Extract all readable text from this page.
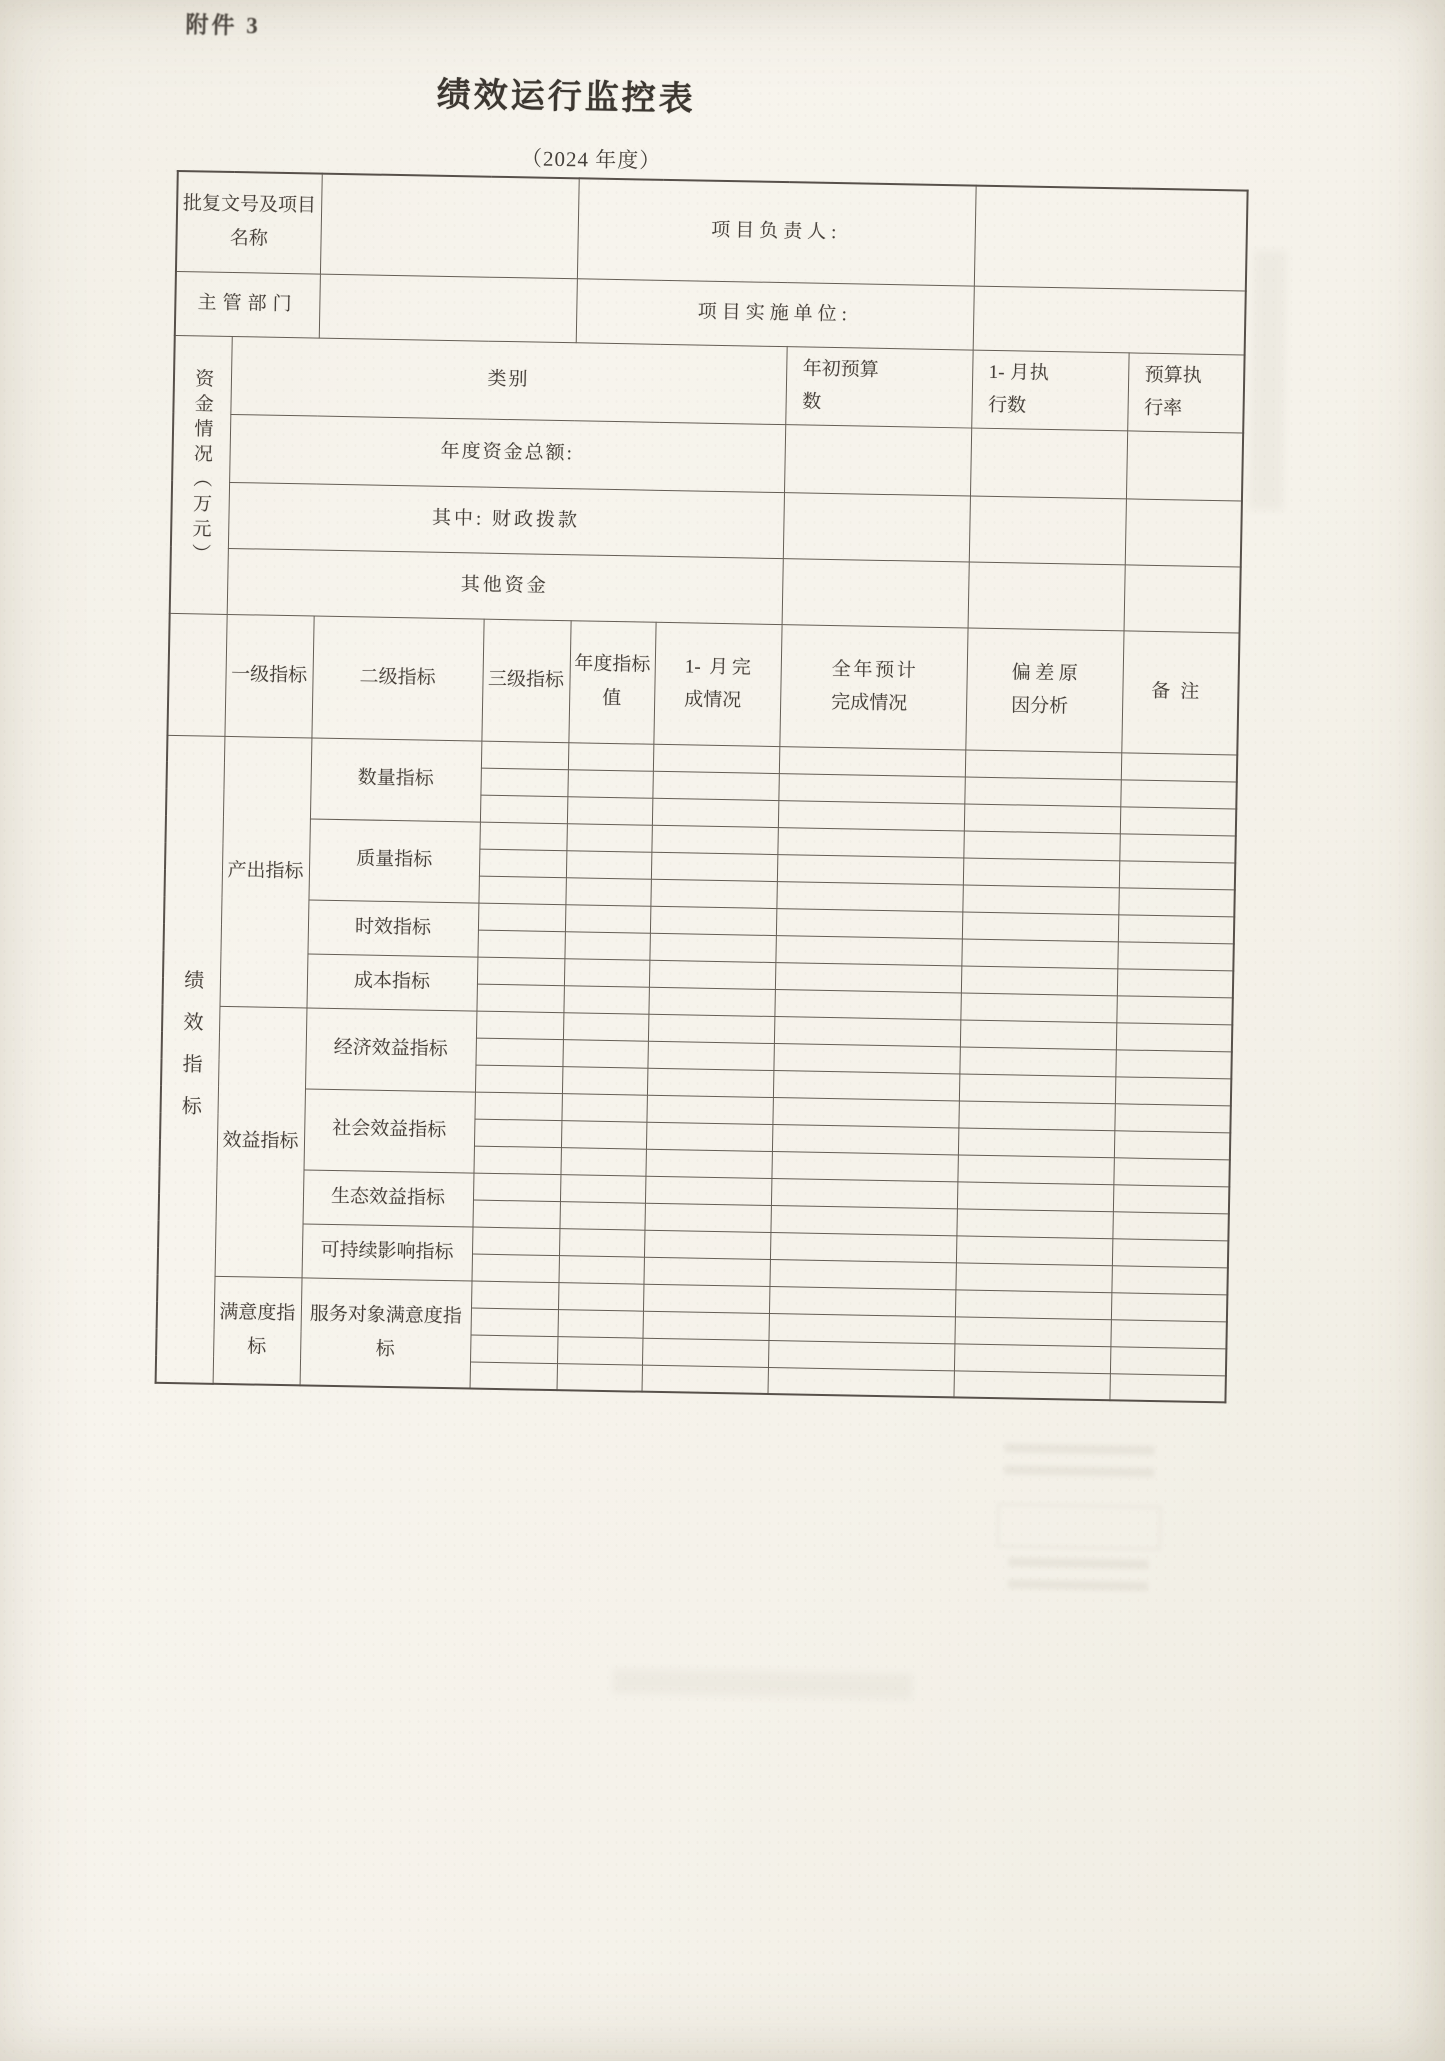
附件 3
绩效运行监控表
（2024 年度）
批复文号及项目名称				项目负责人:				
主管部门				项目实施单位:				
资金情况（万元）	类别					年初预算数	1- 月执行数	预算执行率

	年度资金总额:							
	其中: 财政拨款							
	其他资金							
	一级指标	二级指标	三级指标	年度指标值	1- 月完成情况	全年预计完成情况	偏差原因分析	备注
绩效指标	产出指标	数量指标						

		质量指标						

		时效指标						

		成本指标						

	效益指标	经济效益指标						

		社会效益指标						

		生态效益指标						

		可持续影响指标						

	满意度指标	服务对象满意度指标						
